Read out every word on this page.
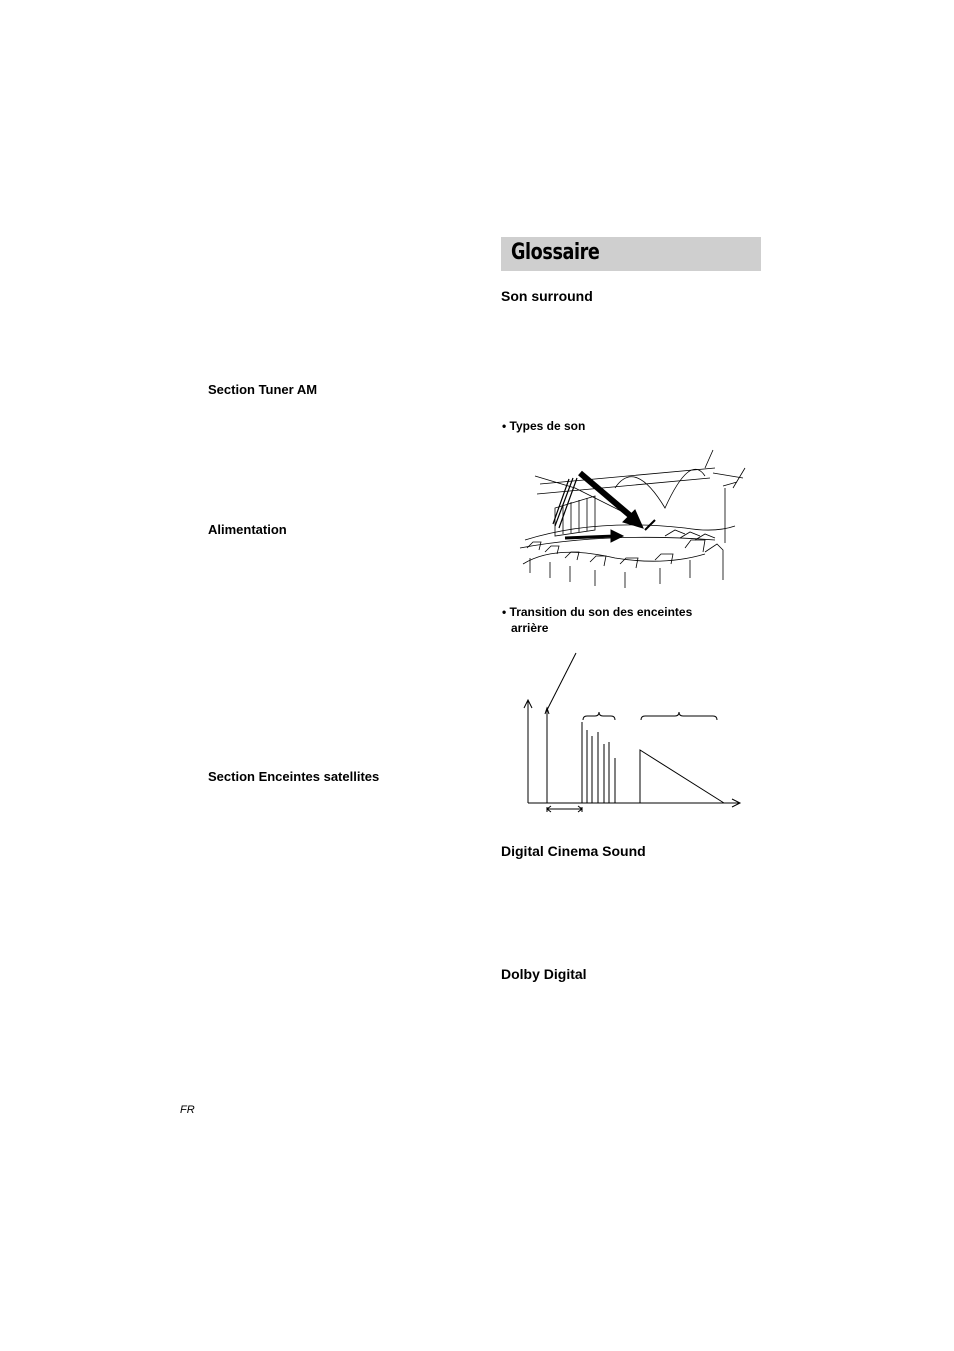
Section Tuner AM
Alimentation
Section Enceintes satellites
Glossaire
Son surround
• Types de son
• Transition du son des enceintes
arrière
Digital Cinema Sound
Dolby Digital
FR
